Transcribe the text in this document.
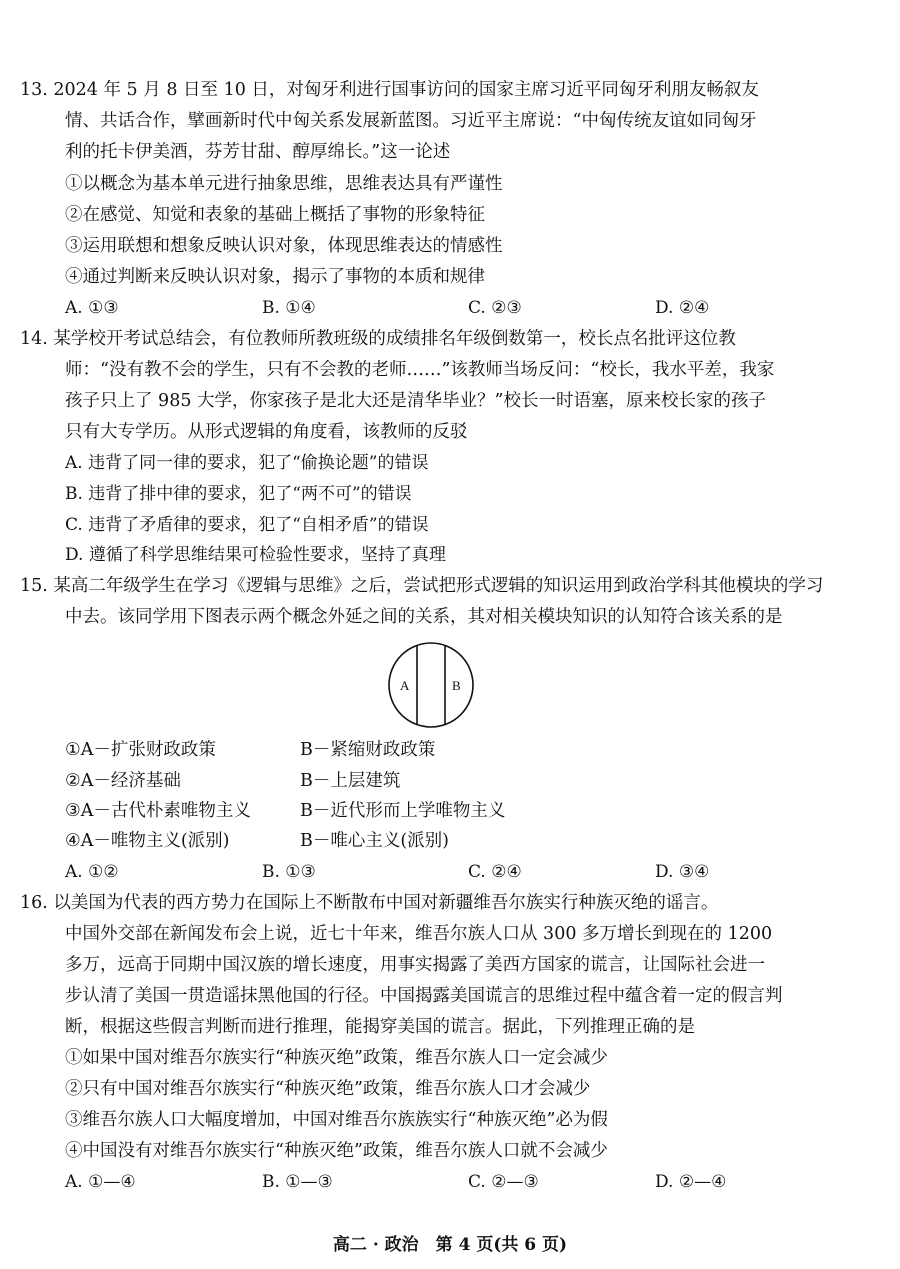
13. 2024 年 5 月 8 日至 10 日，对匈牙利进行国事访问的国家主席习近平同匈牙利朋友畅叙友
情、共话合作，擘画新时代中匈关系发展新蓝图。习近平主席说：“中匈传统友谊如同匈牙
利的托卡伊美酒，芬芳甘甜、醇厚绵长。”这一论述
①以概念为基本单元进行抽象思维，思维表达具有严谨性
②在感觉、知觉和表象的基础上概括了事物的形象特征
③运用联想和想象反映认识对象，体现思维表达的情感性
④通过判断来反映认识对象，揭示了事物的本质和规律
A. ①③	B. ①④	C. ②③	D. ②④
14. 某学校开考试总结会，有位教师所教班级的成绩排名年级倒数第一，校长点名批评这位教
师：“没有教不会的学生，只有不会教的老师……”该教师当场反问：“校长，我水平差，我家
孩子只上了 985 大学，你家孩子是北大还是清华毕业？”校长一时语塞，原来校长家的孩子
只有大专学历。从形式逻辑的角度看，该教师的反驳
A. 违背了同一律的要求，犯了“偷换论题”的错误
B. 违背了排中律的要求，犯了“两不可”的错误
C. 违背了矛盾律的要求，犯了“自相矛盾”的错误
D. 遵循了科学思维结果可检验性要求，坚持了真理
15. 某高二年级学生在学习《逻辑与思维》之后，尝试把形式逻辑的知识运用到政治学科其他模块的学习
中去。该同学用下图表示两个概念外延之间的关系，其对相关模块知识的认知符合该关系的是
A	B
①A－扩张财政政策	B－紧缩财政政策
②A－经济基础	B－上层建筑
③A－古代朴素唯物主义	B－近代形而上学唯物主义
④A－唯物主义(派别)	B－唯心主义(派别)
A. ①②	B. ①③	C. ②④	D. ③④
16. 以美国为代表的西方势力在国际上不断散布中国对新疆维吾尔族实行种族灭绝的谣言。
中国外交部在新闻发布会上说，近七十年来，维吾尔族人口从 300 多万增长到现在的 1200
多万，远高于同期中国汉族的增长速度，用事实揭露了美西方国家的谎言，让国际社会进一
步认清了美国一贯造谣抹黑他国的行径。中国揭露美国谎言的思维过程中蕴含着一定的假言判
断，根据这些假言判断而进行推理，能揭穿美国的谎言。据此，下列推理正确的是
①如果中国对维吾尔族实行“种族灭绝”政策，维吾尔族人口一定会减少
②只有中国对维吾尔族实行“种族灭绝”政策，维吾尔族人口才会减少
③维吾尔族人口大幅度增加，中国对维吾尔族族实行“种族灭绝”必为假
④中国没有对维吾尔族实行“种族灭绝”政策，维吾尔族人口就不会减少
A. ①—④	B. ①—③	C. ②—③	D. ②—④
高二 · 政治　第 4 页(共 6 页)
